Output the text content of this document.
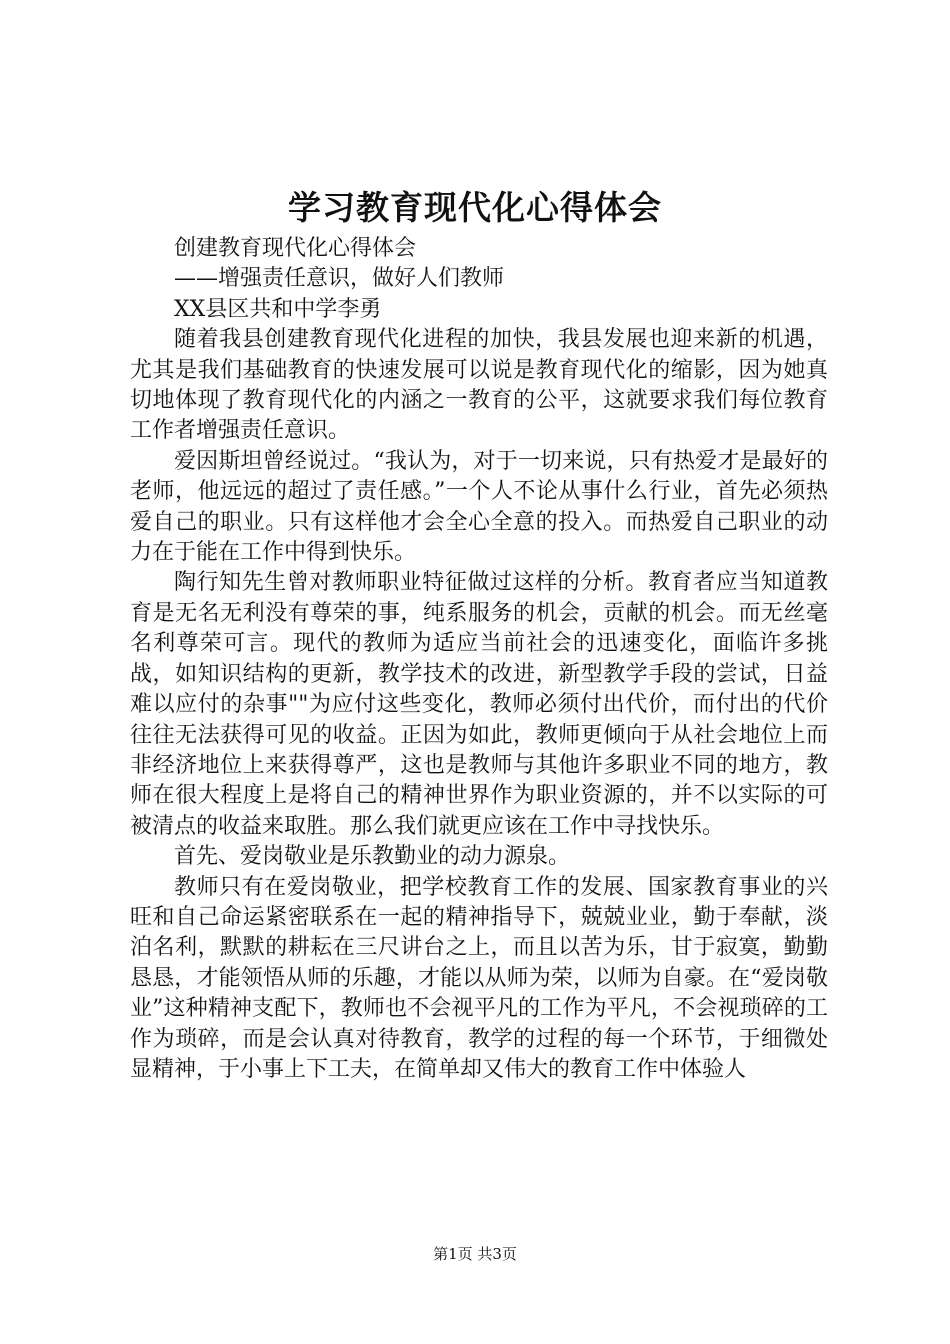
学习教育现代化心得体会

创建教育现代化心得体会

——增强责任意识，做好人们教师

XX县区共和中学李勇

随着我县创建教育现代化进程的加快，我县发展也迎来新的机遇，尤其是我们基础教育的快速发展可以说是教育现代化的缩影，因为她真切地体现了教育现代化的内涵之一教育的公平，这就要求我们每位教育工作者增强责任意识。

爱因斯坦曾经说过。“我认为，对于一切来说，只有热爱才是最好的老师，他远远的超过了责任感。”一个人不论从事什么行业，首先必须热爱自己的职业。只有这样他才会全心全意的投入。而热爱自己职业的动力在于能在工作中得到快乐。

陶行知先生曾对教师职业特征做过这样的分析。教育者应当知道教育是无名无利没有尊荣的事，纯系服务的机会，贡献的机会。而无丝毫名利尊荣可言。现代的教师为适应当前社会的迅速变化，面临许多挑战，如知识结构的更新，教学技术的改进，新型教学手段的尝试，日益难以应付的杂事""为应付这些变化，教师必须付出代价，而付出的代价往往无法获得可见的收益。正因为如此，教师更倾向于从社会地位上而非经济地位上来获得尊严，这也是教师与其他许多职业不同的地方，教师在很大程度上是将自己的精神世界作为职业资源的，并不以实际的可被清点的收益来取胜。那么我们就更应该在工作中寻找快乐。

首先、爱岗敬业是乐教勤业的动力源泉。

教师只有在爱岗敬业，把学校教育工作的发展、国家教育事业的兴旺和自己命运紧密联系在一起的精神指导下，兢兢业业，勤于奉献，淡泊名利，默默的耕耘在三尺讲台之上，而且以苦为乐，甘于寂寞，勤勤恳恳，才能领悟从师的乐趣，才能以从师为荣，以师为自豪。在“爱岗敬业”这种精神支配下，教师也不会视平凡的工作为平凡，不会视琐碎的工作为琐碎，而是会认真对待教育，教学的过程的每一个环节，于细微处显精神，于小事上下工夫，在简单却又伟大的教育工作中体验人

第1页 共3页
